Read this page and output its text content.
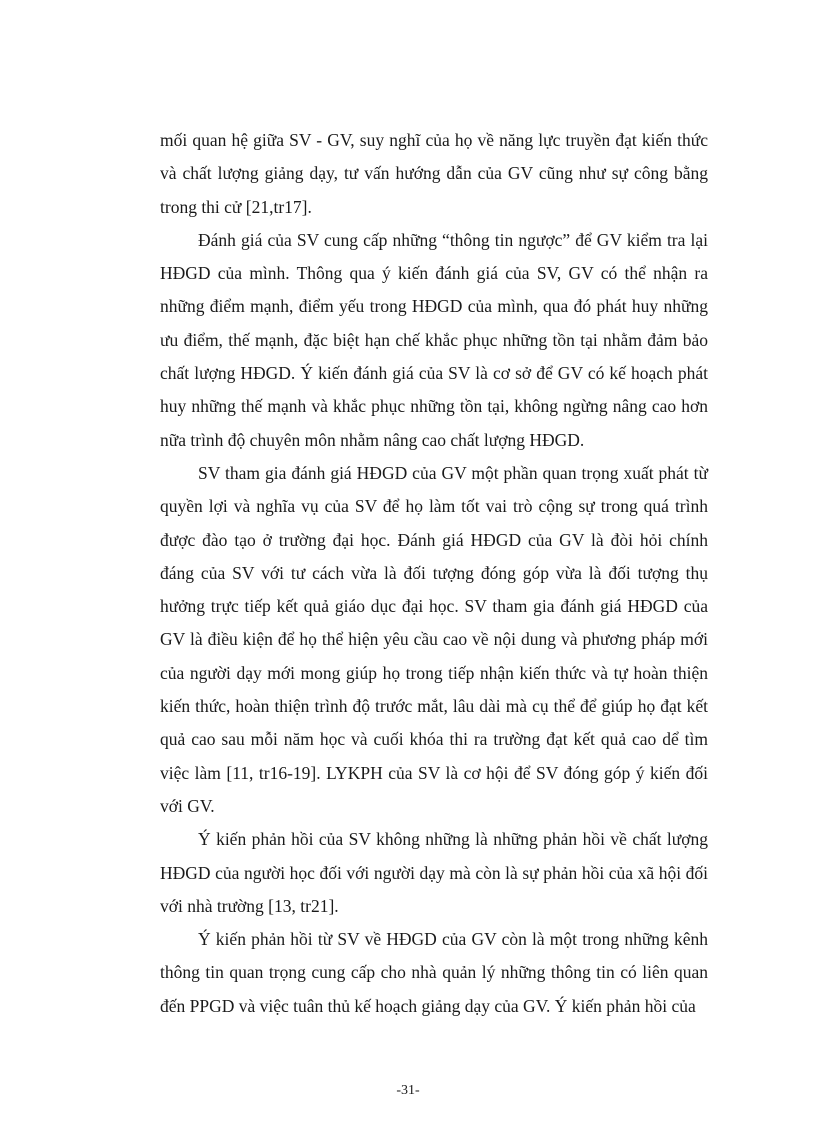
mối quan hệ giữa SV - GV, suy nghĩ của họ về năng lực truyền đạt kiến thức và chất lượng giảng dạy, tư vấn hướng dẫn của GV cũng như sự công bằng trong thi cử [21,tr17].

Đánh giá của SV cung cấp những “thông tin ngược” để GV kiểm tra lại HĐGD của mình. Thông qua ý kiến đánh giá của SV, GV có thể nhận ra những điểm mạnh, điểm yếu trong HĐGD của mình, qua đó phát huy những ưu điểm, thế mạnh, đặc biệt hạn chế khắc phục những tồn tại nhằm đảm bảo chất lượng HĐGD. Ý kiến đánh giá của SV là cơ sở để GV có kế hoạch phát huy những thế mạnh và khắc phục những tồn tại, không ngừng nâng cao hơn nữa trình độ chuyên môn nhằm nâng cao chất lượng HĐGD.

SV tham gia đánh giá HĐGD của GV một phần quan trọng xuất phát từ quyền lợi và nghĩa vụ của SV để họ làm tốt vai trò cộng sự trong quá trình được đào tạo ở trường đại học. Đánh giá HĐGD của GV là đòi hỏi chính đáng của SV với tư cách vừa là đối tượng đóng góp vừa là đối tượng thụ hưởng trực tiếp kết quả giáo dục đại học. SV tham gia đánh giá HĐGD của GV là điều kiện để họ thể hiện yêu cầu cao về nội dung và phương pháp mới của người dạy mới mong giúp họ trong tiếp nhận kiến thức và tự hoàn thiện kiến thức, hoàn thiện trình độ trước mắt, lâu dài mà cụ thể để giúp họ đạt kết quả cao sau mỗi năm học và cuối khóa thi ra trường đạt kết quả cao dể tìm việc làm [11, tr16-19]. LYKPH của SV là cơ hội để SV đóng góp ý kiến đối với GV.

Ý kiến phản hồi của SV không những là những phản hồi về chất lượng HĐGD của người học đối với người dạy mà còn là sự phản hồi của xã hội đối với nhà trường [13, tr21].

Ý kiến phản hồi từ SV về HĐGD của GV còn là một trong những kênh thông tin quan trọng cung cấp cho nhà quản lý những thông tin có liên quan đến PPGD và việc tuân thủ kế hoạch giảng dạy của GV. Ý kiến phản hồi của

-31-
